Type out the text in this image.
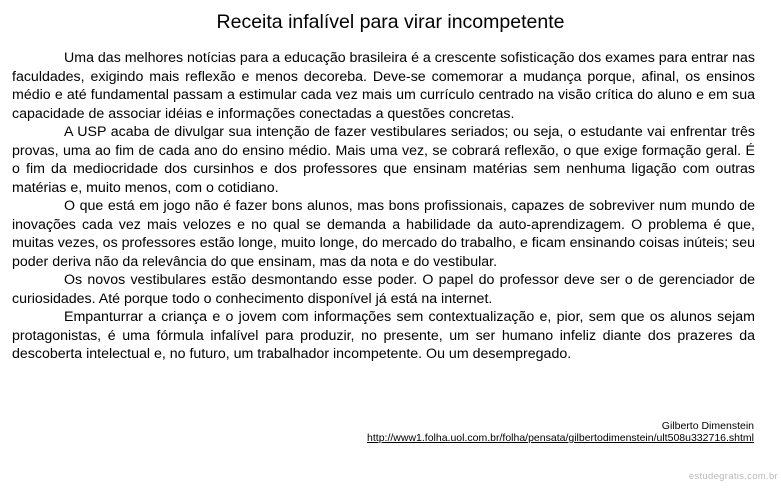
Receita infalível para virar incompetente

Uma das melhores notícias para a educação brasileira é a crescente sofisticação dos exames para entrar nas faculdades, exigindo mais reflexão e menos decoreba. Deve-se comemorar a mudança porque, afinal, os ensinos médio e até fundamental passam a estimular cada vez mais um currículo centrado na visão crítica do aluno e em sua capacidade de associar idéias e informações conectadas a questões concretas.

A USP acaba de divulgar sua intenção de fazer vestibulares seriados; ou seja, o estudante vai enfrentar três provas, uma ao fim de cada ano do ensino médio. Mais uma vez, se cobrará reflexão, o que exige formação geral. É o fim da mediocridade dos cursinhos e dos professores que ensinam matérias sem nenhuma ligação com outras matérias e, muito menos, com o cotidiano.

O que está em jogo não é fazer bons alunos, mas bons profissionais, capazes de sobreviver num mundo de inovações cada vez mais velozes e no qual se demanda a habilidade da auto-aprendizagem. O problema é que, muitas vezes, os professores estão longe, muito longe, do mercado do trabalho, e ficam ensinando coisas inúteis; seu poder deriva não da relevância do que ensinam, mas da nota e do vestibular.

Os novos vestibulares estão desmontando esse poder. O papel do professor deve ser o de gerenciador de curiosidades. Até porque todo o conhecimento disponível já está na internet.

Empanturrar a criança e o jovem com informações sem contextualização e, pior, sem que os alunos sejam protagonistas, é uma fórmula infalível para produzir, no presente, um ser humano infeliz diante dos prazeres da descoberta intelectual e, no futuro, um trabalhador incompetente. Ou um desempregado.

Gilberto Dimenstein
http://www1.folha.uol.com.br/folha/pensata/gilbertodimenstein/ult508u332716.shtml
estudegratis.com.br
